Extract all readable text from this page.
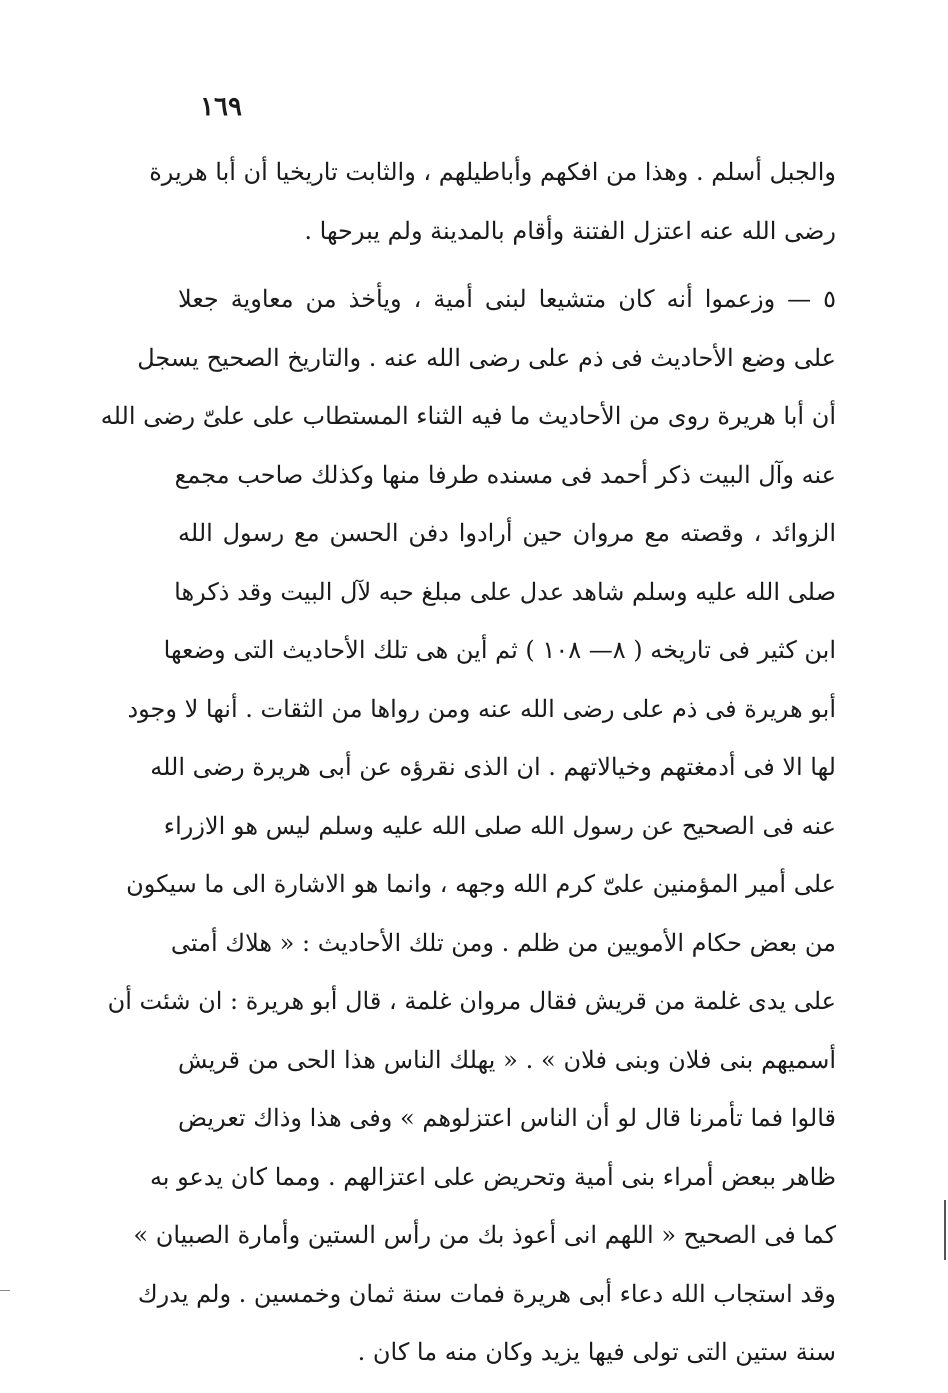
١٦٩
والجبل أسلم . وهذا من افكهم وأباطيلهم ، والثابت تاريخيا أن أبا هريرة
رضى الله عنه اعتزل الفتنة وأقام بالمدينة ولم يبرحها .
٥ — وزعموا أنه كان متشيعا لبنى أمية ، ويأخذ من معاوية جعلا
على وضع الأحاديث فى ذم على رضى الله عنه . والتاريخ الصحيح يسجل
أن أبا هريرة روى من الأحاديث ما فيه الثناء المستطاب على علىّ رضى الله
عنه وآل البيت ذكر أحمد فى مسنده طرفا منها وكذلك صاحب مجمع
الزوائد ، وقصته مع مروان حين أرادوا دفن الحسن مع رسول الله
صلى الله عليه وسلم شاهد عدل على مبلغ حبه لآل البيت وقد ذكرها
ابن كثير فى تاريخه ( ٨— ١٠٨ ) ثم أين هى تلك الأحاديث التى وضعها
أبو هريرة فى ذم على رضى الله عنه ومن رواها من الثقات . أنها لا وجود
لها الا فى أدمغتهم وخيالاتهم . ان الذى نقرؤه عن أبى هريرة رضى الله
عنه فى الصحيح عن رسول الله صلى الله عليه وسلم ليس هو الازراء
على أمير المؤمنين علىّ كرم الله وجهه ، وانما هو الاشارة الى ما سيكون
من بعض حكام الأمويين من ظلم . ومن تلك الأحاديث : « هلاك أمتى
على يدى غلمة من قريش فقال مروان غلمة ، قال أبو هريرة : ان شئت أن
أسميهم بنى فلان وبنى فلان » . « يهلك الناس هذا الحى من قريش
قالوا فما تأمرنا قال لو أن الناس اعتزلوهم » وفى هذا وذاك تعريض
ظاهر ببعض أمراء بنى أمية وتحريض على اعتزالهم . ومما كان يدعو به
كما فى الصحيح « اللهم انى أعوذ بك من رأس الستين وأمارة الصبيان »
وقد استجاب الله دعاء أبى هريرة فمات سنة ثمان وخمسين . ولم يدرك
سنة ستين التى تولى فيها يزيد وكان منه ما كان .
